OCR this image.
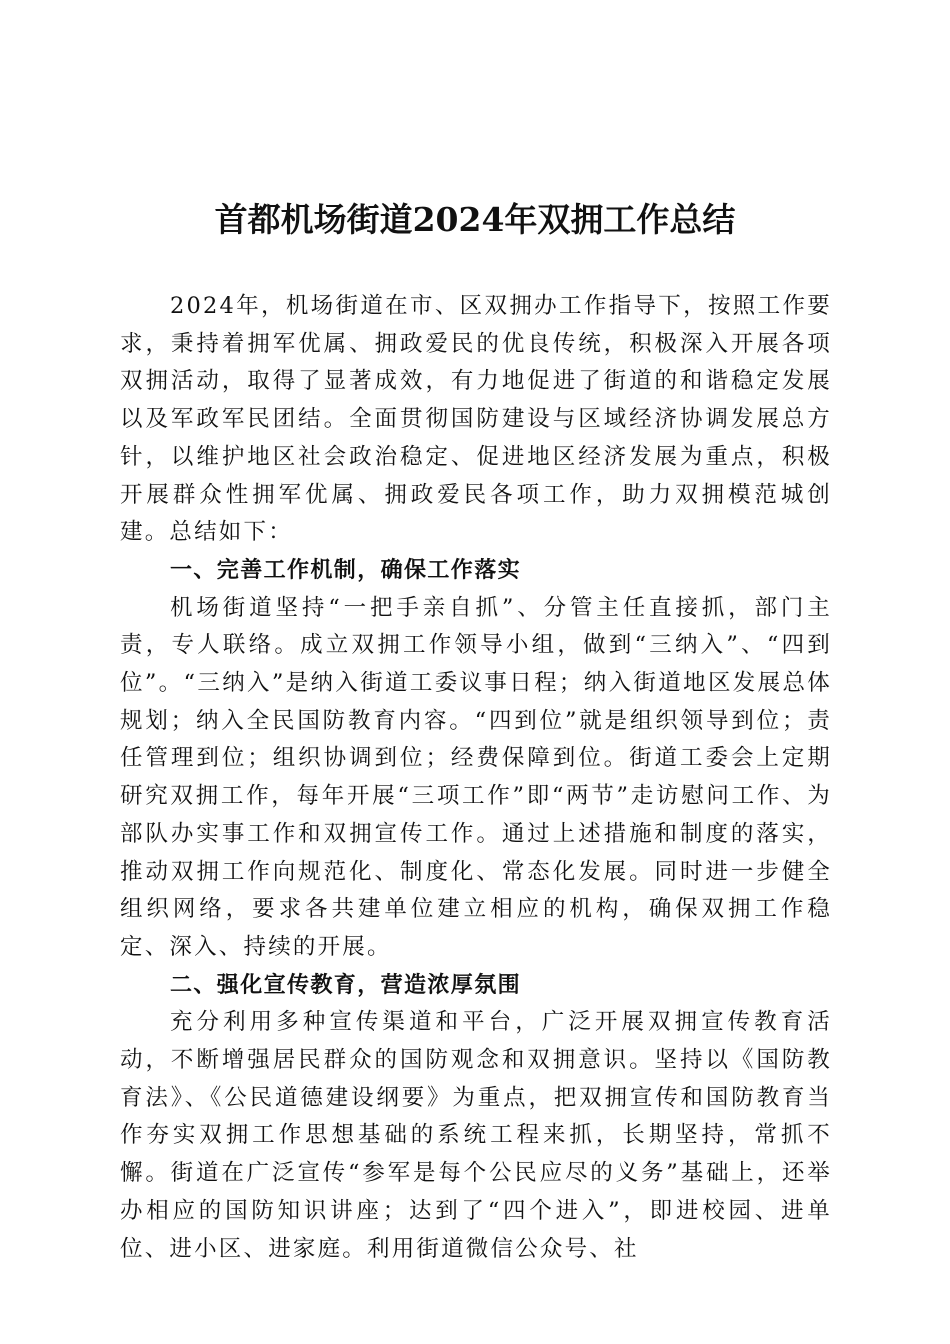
首都机场街道2024年双拥工作总结

2024年，机场街道在市、区双拥办工作指导下，按照工作要求，秉持着拥军优属、拥政爱民的优良传统，积极深入开展各项双拥活动，取得了显著成效，有力地促进了街道的和谐稳定发展以及军政军民团结。全面贯彻国防建设与区域经济协调发展总方针，以维护地区社会政治稳定、促进地区经济发展为重点，积极开展群众性拥军优属、拥政爱民各项工作，助力双拥模范城创建。总结如下：

一、完善工作机制，确保工作落实

机场街道坚持“一把手亲自抓”、分管主任直接抓，部门主责，专人联络。成立双拥工作领导小组，做到“三纳入”、“四到位”。“三纳入”是纳入街道工委议事日程；纳入街道地区发展总体规划；纳入全民国防教育内容。“四到位”就是组织领导到位；责任管理到位；组织协调到位；经费保障到位。街道工委会上定期研究双拥工作，每年开展“三项工作”即“两节”走访慰问工作、为部队办实事工作和双拥宣传工作。通过上述措施和制度的落实，推动双拥工作向规范化、制度化、常态化发展。同时进一步健全组织网络，要求各共建单位建立相应的机构，确保双拥工作稳定、深入、持续的开展。

二、强化宣传教育，营造浓厚氛围

充分利用多种宣传渠道和平台，广泛开展双拥宣传教育活动，不断增强居民群众的国防观念和双拥意识。坚持以《国防教育法》、《公民道德建设纲要》为重点，把双拥宣传和国防教育当作夯实双拥工作思想基础的系统工程来抓，长期坚持，常抓不懈。街道在广泛宣传“参军是每个公民应尽的义务”基础上，还举办相应的国防知识讲座；达到了“四个进入”，即进校园、进单位、进小区、进家庭。利用街道微信公众号、社
